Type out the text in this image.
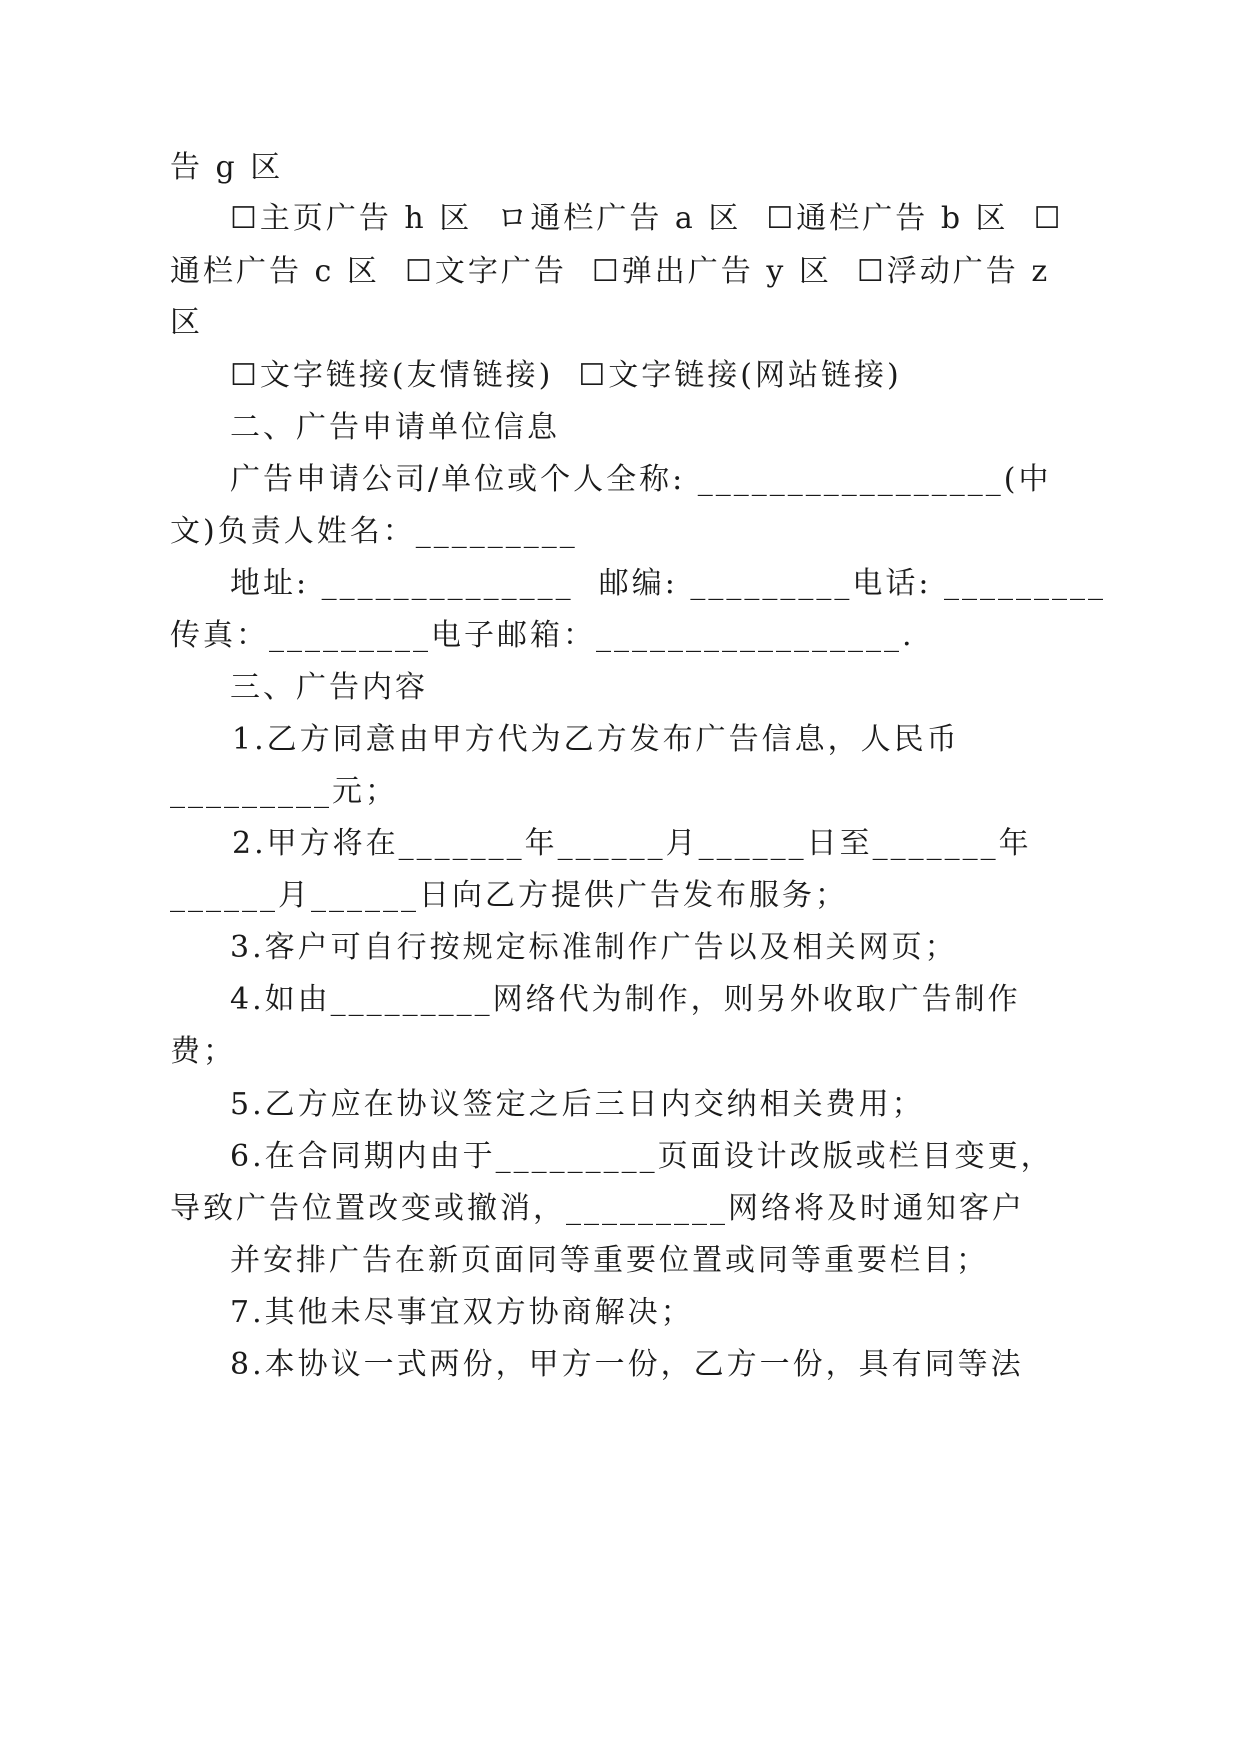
告 g 区
☐主页广告 h 区  ロ通栏广告 a 区  ☐通栏广告 b 区  ☐
通栏广告 c 区  ☐文字广告  ☐弹出广告 y 区  ☐浮动广告 z
区
☐文字链接(友情链接)  ☐文字链接(网站链接)
二、广告申请单位信息
广告申请公司/单位或个人全称: _________________(中
文)负责人姓名：_________
地址: ______________  邮编: _________电话: _________
传真：_________电子邮箱：_________________.
三、广告内容
1.乙方同意由甲方代为乙方发布广告信息，人民币
_________元；
2.甲方将在_______年______月______日至_______年
______月______日向乙方提供广告发布服务；
3.客户可自行按规定标准制作广告以及相关网页；
4.如由_________网络代为制作，则另外收取广告制作
费；
5.乙方应在协议签定之后三日内交纳相关费用；
6.在合同期内由于_________页面设计改版或栏目变更，
导致广告位置改变或撤消，_________网络将及时通知客户
并安排广告在新页面同等重要位置或同等重要栏目；
7.其他未尽事宜双方协商解决；
8.本协议一式两份，甲方一份，乙方一份，具有同等法
